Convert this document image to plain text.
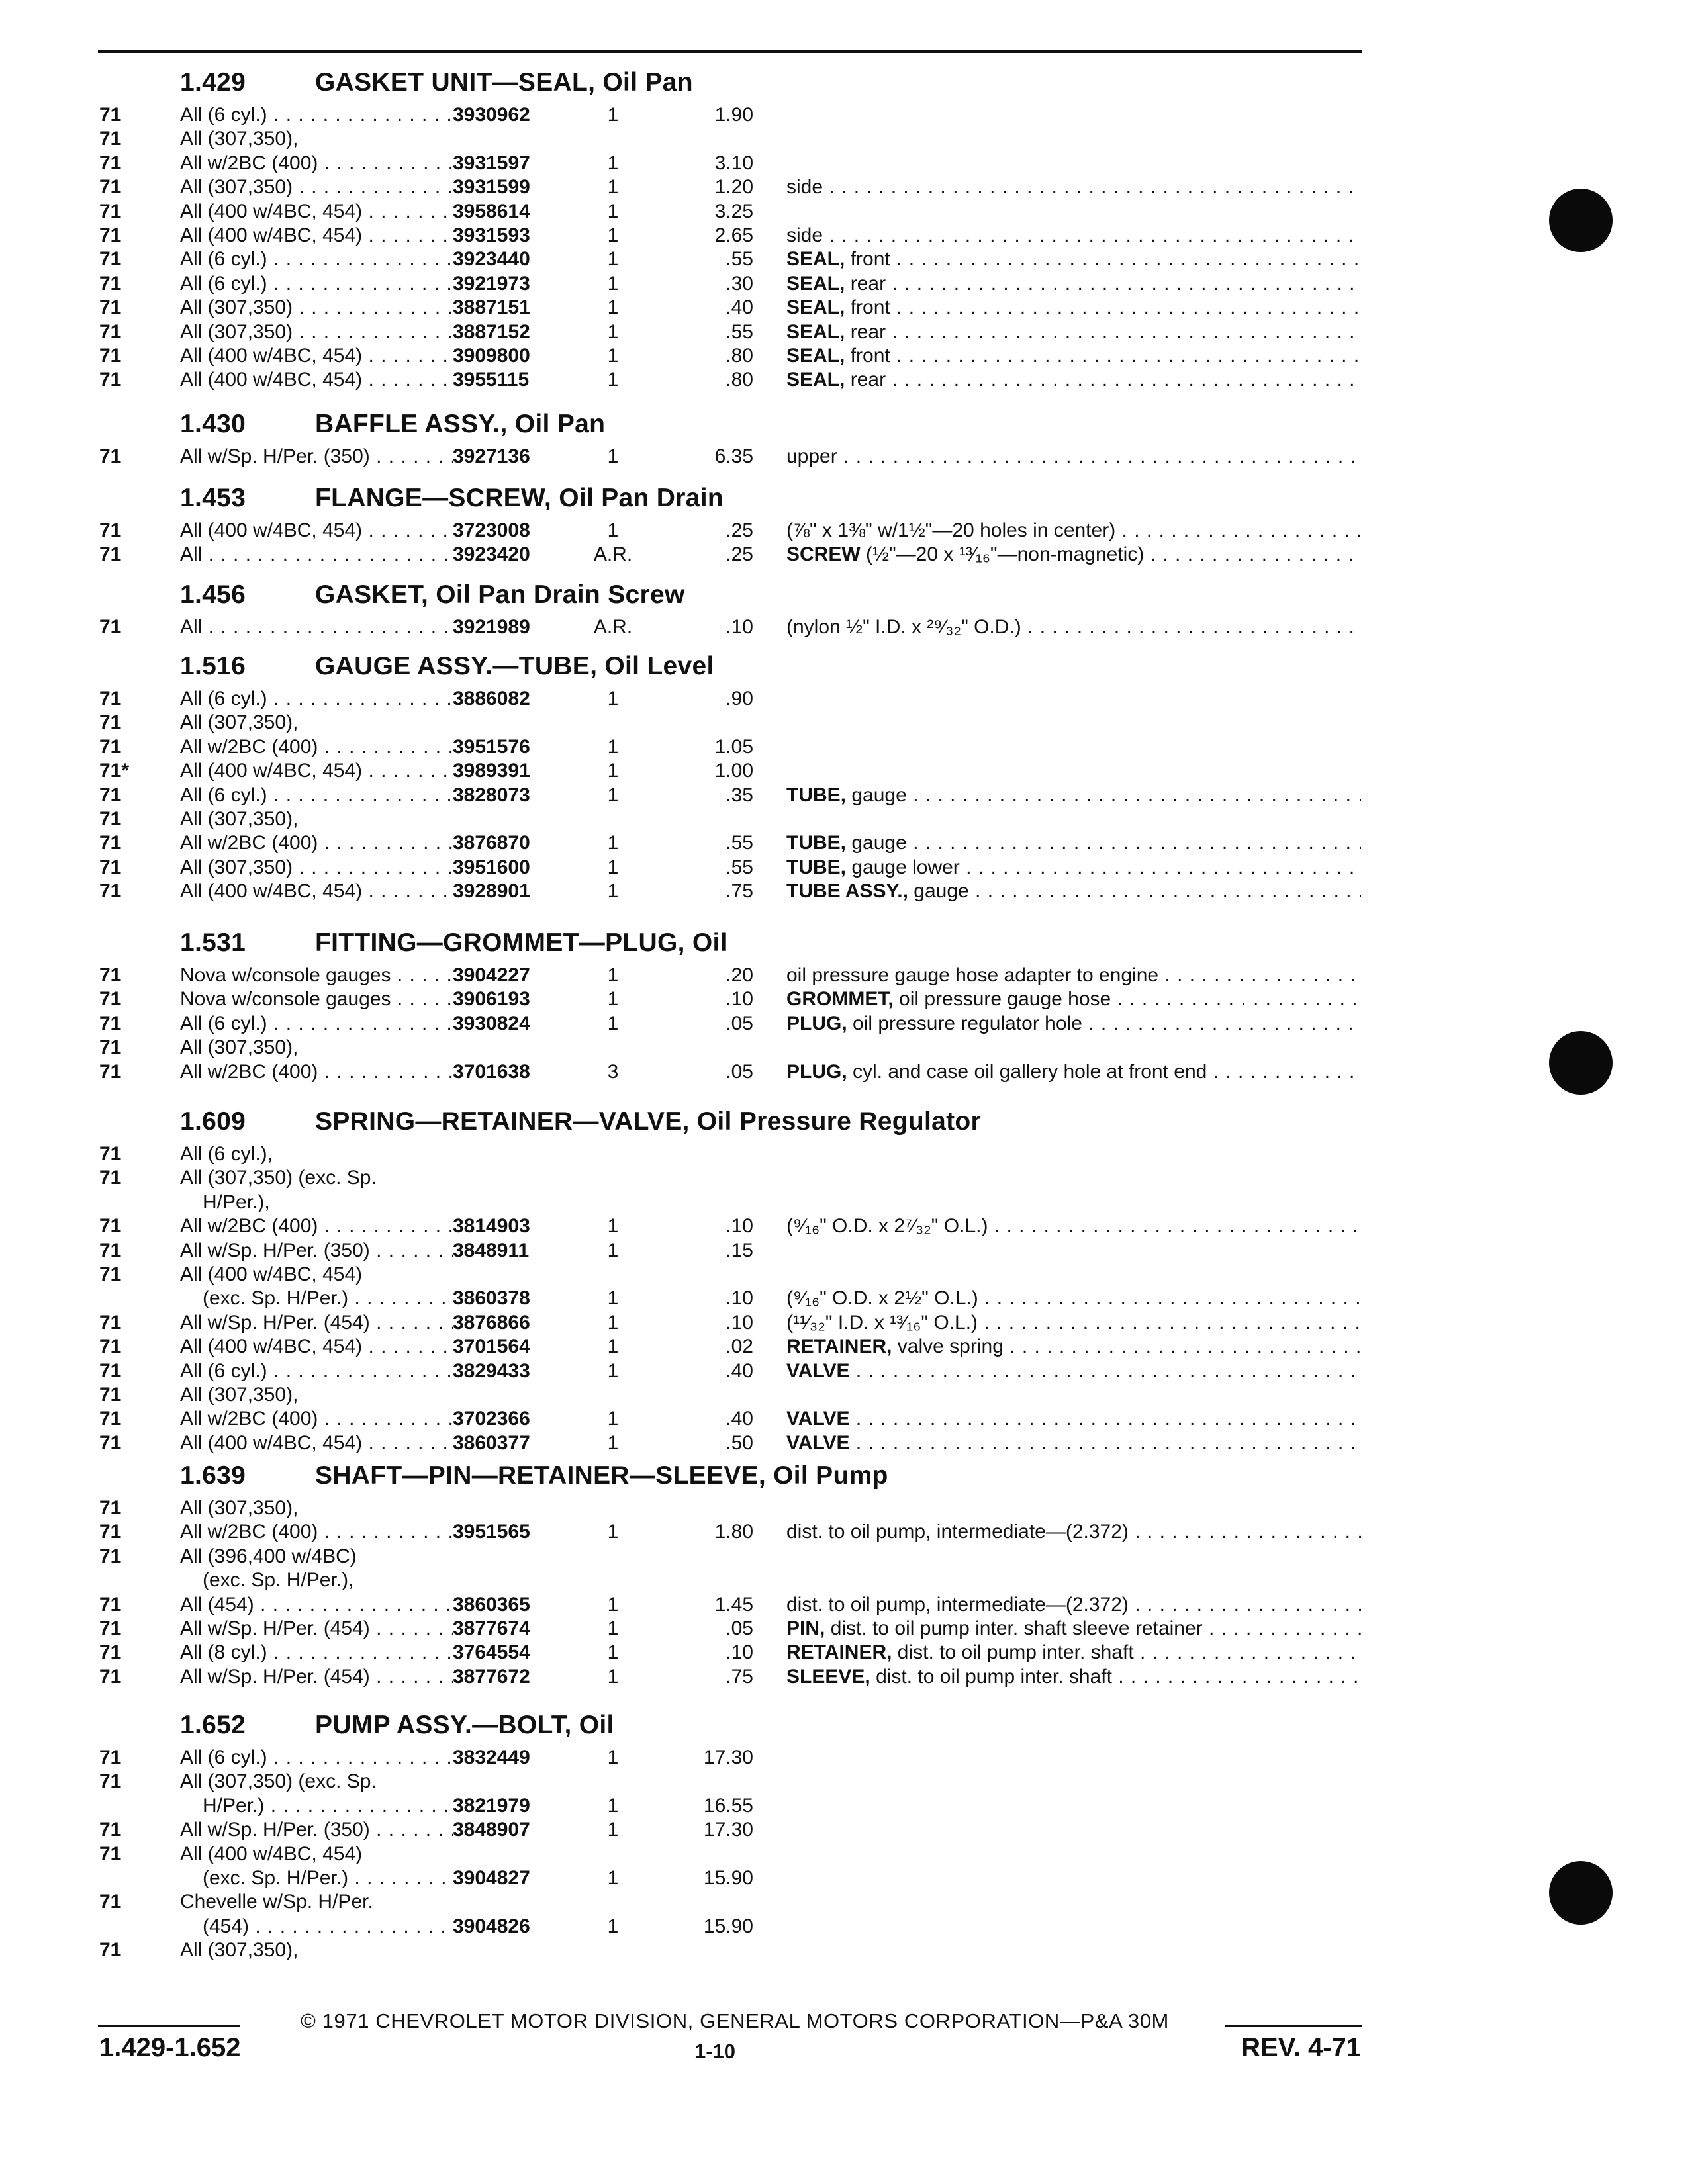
1.429	GASKET UNIT—SEAL, Oil Pan
71	All (6 cyl.) . . .	3930962	1	1.90
71	All (307,350),
71	All w/2BC (400) . . .	3931597	1	3.10
71	All (307,350) . . .	3931599	1	1.20 side . . .
71	All (400 w/4BC, 454) . . .	3958614	1	3.25
71	All (400 w/4BC, 454) . . .	3931593	1	2.65 side . . .
71	All (6 cyl.) . . .	3923440	1	.55 SEAL, front . . .
71	All (6 cyl.) . . .	3921973	1	.30 SEAL, rear . . .
71	All (307,350) . . .	3887151	1	.40 SEAL, front . . .
71	All (307,350) . . .	3887152	1	.55 SEAL, rear . . .
71	All (400 w/4BC, 454) . . .	3909800	1	.80 SEAL, front . . .
71	All (400 w/4BC, 454) . . .	3955115	1	.80 SEAL, rear . . .
1.430	BAFFLE ASSY., Oil Pan
71	All w/Sp. H/Per. (350) . . .	3927136	1	6.35 upper . . .
1.453	FLANGE—SCREW, Oil Pan Drain
71	All (400 w/4BC, 454) . . .	3723008	1	.25 (⅞" x 1⅜" w/1½"—20 holes in center) . . .
71	All . . .	3923420	A.R.	.25 SCREW (½"—20 x ¹³⁄₁₆"—non-magnetic) . . .
1.456	GASKET, Oil Pan Drain Screw
71	All . . .	3921989	A.R.	.10 (nylon ½" I.D. x ²⁹⁄₃₂" O.D.) . . .
1.516	GAUGE ASSY.—TUBE, Oil Level
71	All (6 cyl.) . . .	3886082	1	.90
71	All (307,350),
71	All w/2BC (400) . . .	3951576	1	1.05
71*	All (400 w/4BC, 454) . . .	3989391	1	1.00
71	All (6 cyl.) . . .	3828073	1	.35 TUBE, gauge . . .
71	All (307,350),
71	All w/2BC (400) . . .	3876870	1	.55 TUBE, gauge . . .
71	All (307,350) . . .	3951600	1	.55 TUBE, gauge lower . . .
71	All (400 w/4BC, 454) . . .	3928901	1	.75 TUBE ASSY., gauge . . .
1.531	FITTING—GROMMET—PLUG, Oil
71	Nova w/console gauges . . .	3904227	1	.20 oil pressure gauge hose adapter to engine . . .
71	Nova w/console gauges . . .	3906193	1	.10 GROMMET, oil pressure gauge hose . . .
71	All (6 cyl.) . . .	3930824	1	.05 PLUG, oil pressure regulator hole . . .
71	All (307,350),
71	All w/2BC (400) . . .	3701638	3	.05 PLUG, cyl. and case oil gallery hole at front end . . .
1.609	SPRING—RETAINER—VALVE, Oil Pressure Regulator
71	All (6 cyl.),
71	All (307,350) (exc. Sp.
H/Per.),
71	All w/2BC (400) . . .	3814903	1	.10 (⁹⁄₁₆" O.D. x 2⁷⁄₃₂" O.L.) . . .
71	All w/Sp. H/Per. (350) . . .	3848911	1	.15
71	All (400 w/4BC, 454)
(exc. Sp. H/Per.) . . .	3860378	1	.10 (⁹⁄₁₆" O.D. x 2½" O.L.) . . .
71	All w/Sp. H/Per. (454) . . .	3876866	1	.10 (¹¹⁄₃₂" I.D. x ¹³⁄₁₆" O.L.) . . .
71	All (400 w/4BC, 454) . . .	3701564	1	.02 RETAINER, valve spring . . .
71	All (6 cyl.) . . .	3829433	1	.40 VALVE . . .
71	All (307,350),
71	All w/2BC (400) . . .	3702366	1	.40 VALVE . . .
71	All (400 w/4BC, 454) . . .	3860377	1	.50 VALVE . . .
1.639	SHAFT—PIN—RETAINER—SLEEVE, Oil Pump
71	All (307,350),
71	All w/2BC (400) . . .	3951565	1	1.80 dist. to oil pump, intermediate—(2.372) . . .
71	All (396,400 w/4BC)
(exc. Sp. H/Per.),
71	All (454) . . .	3860365	1	1.45 dist. to oil pump, intermediate—(2.372) . . .
71	All w/Sp. H/Per. (454) . . .	3877674	1	.05 PIN, dist. to oil pump inter. shaft sleeve retainer . . .
71	All (8 cyl.) . . .	3764554	1	.10 RETAINER, dist. to oil pump inter. shaft . . .
71	All w/Sp. H/Per. (454) . . .	3877672	1	.75 SLEEVE, dist. to oil pump inter. shaft . . .
1.652	PUMP ASSY.—BOLT, Oil
71	All (6 cyl.) . . .	3832449	1	17.30
71	All (307,350) (exc. Sp.
H/Per.) . . .	3821979	1	16.55
71	All w/Sp. H/Per. (350) . . .	3848907	1	17.30
71	All (400 w/4BC, 454)
(exc. Sp. H/Per.) . . .	3904827	1	15.90
71	Chevelle w/Sp. H/Per.
(454) . . .	3904826	1	15.90
71	All (307,350),
© 1971 CHEVROLET MOTOR DIVISION, GENERAL MOTORS CORPORATION—P&A 30M
1.429-1.652	1-10	REV. 4-71
